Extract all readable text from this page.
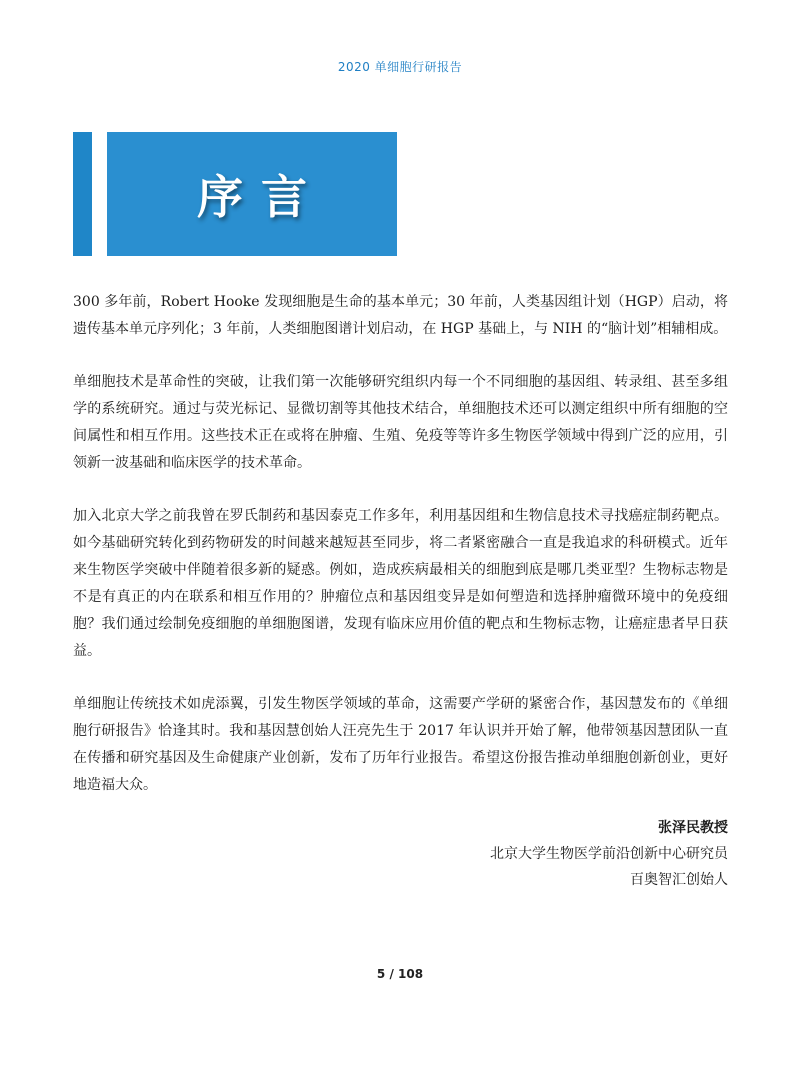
2020 单细胞行研报告
序言

300 多年前，Robert Hooke 发现细胞是生命的基本单元；30 年前，人类基因组计划（HGP）启动，将遗传基本单元序列化；3 年前，人类细胞图谱计划启动，在 HGP 基础上，与 NIH 的“脑计划”相辅相成。

单细胞技术是革命性的突破，让我们第一次能够研究组织内每一个不同细胞的基因组、转录组、甚至多组学的系统研究。通过与荧光标记、显微切割等其他技术结合，单细胞技术还可以测定组织中所有细胞的空间属性和相互作用。这些技术正在或将在肿瘤、生殖、免疫等等许多生物医学领域中得到广泛的应用，引领新一波基础和临床医学的技术革命。

加入北京大学之前我曾在罗氏制药和基因泰克工作多年，利用基因组和生物信息技术寻找癌症制药靶点。如今基础研究转化到药物研发的时间越来越短甚至同步，将二者紧密融合一直是我追求的科研模式。近年来生物医学突破中伴随着很多新的疑惑。例如，造成疾病最相关的细胞到底是哪几类亚型？生物标志物是不是有真正的内在联系和相互作用的？肿瘤位点和基因组变异是如何塑造和选择肿瘤微环境中的免疫细胞？我们通过绘制免疫细胞的单细胞图谱，发现有临床应用价值的靶点和生物标志物，让癌症患者早日获益。

单细胞让传统技术如虎添翼，引发生物医学领域的革命，这需要产学研的紧密合作，基因慧发布的《单细胞行研报告》恰逢其时。我和基因慧创始人汪亮先生于 2017 年认识并开始了解，他带领基因慧团队一直在传播和研究基因及生命健康产业创新，发布了历年行业报告。希望这份报告推动单细胞创新创业，更好地造福大众。

张泽民教授
北京大学生物医学前沿创新中心研究员
百奥智汇创始人
5 / 108
